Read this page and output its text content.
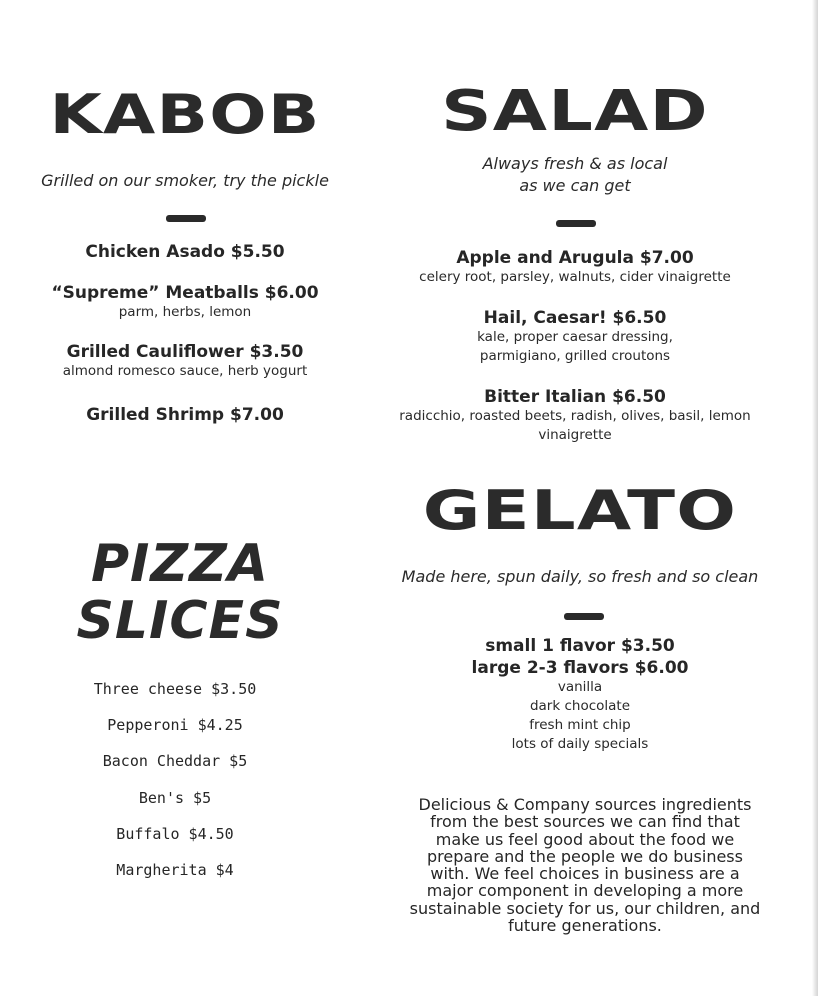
KABOB
Grilled on our smoker, try the pickle
Chicken Asado $5.50
“Supreme” Meatballs $6.00
parm, herbs, lemon
Grilled Cauliflower $3.50
almond romesco sauce, herb yogurt
Grilled Shrimp $7.00
SALAD
Always fresh & as local
as we can get
Apple and Arugula $7.00
celery root, parsley, walnuts, cider vinaigrette
Hail, Caesar! $6.50
kale, proper caesar dressing,
parmigiano, grilled croutons
Bitter Italian $6.50
radicchio, roasted beets, radish, olives, basil, lemon
vinaigrette
PIZZA
SLICES
Three cheese $3.50
Pepperoni $4.25
Bacon Cheddar $5
Ben's $5
Buffalo $4.50
Margherita $4
GELATO
Made here, spun daily, so fresh and so clean
small 1 flavor $3.50
large 2-3 flavors $6.00
vanilla
dark chocolate
fresh mint chip
lots of daily specials
Delicious & Company sources ingredients
from the best sources we can find that
make us feel good about the food we
prepare and the people we do business
with. We feel choices in business are a
major component in developing a more
sustainable society for us, our children, and
future generations.
